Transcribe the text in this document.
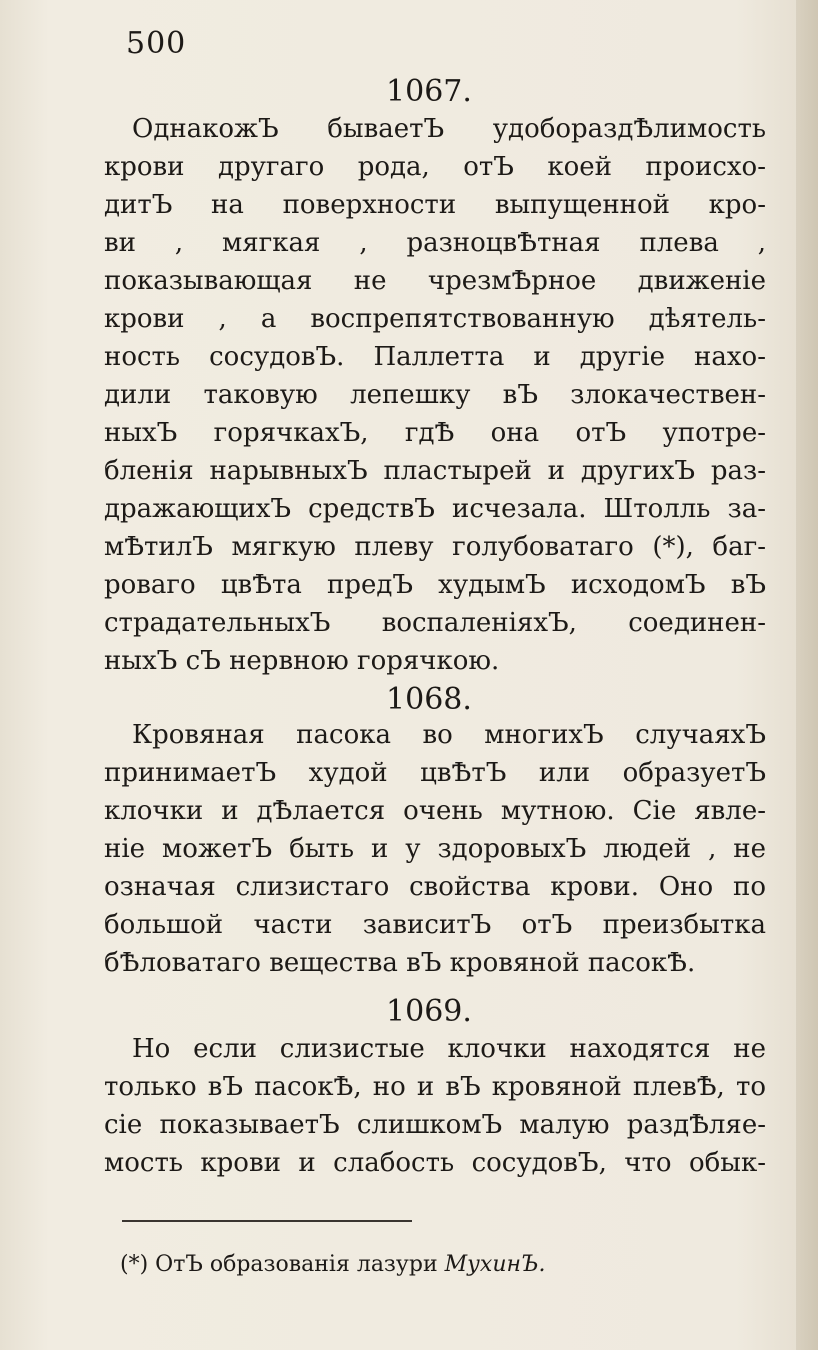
500
1067.
ОднакожЪ бываетЪ удобораздѢлимость
крови другаго рода, отЪ коей происхо-
дитЪ на поверхности выпущенной кро-
ви , мягкая , разноцвѢтная плева ,
показывающая не чрезмѢрное движеніе
крови , а воспрепятствованную дѣятель-
ность сосудовЪ. Паллетта и другіе нахо-
дили таковую лепешку вЪ злокачествен-
ныхЪ горячкахЪ, гдѢ она отЪ употре-
бленія нарывныхЪ пластырей и другихЪ раз-
дражающихЪ средствЪ исчезала. Штолль за-
мѢтилЪ мягкую плеву голубоватаго (*), баг-
роваго цвѢта предЪ худымЪ исходомЪ вЪ
страдательныхЪ воспаленіяхЪ, соединен-
ныхЪ сЪ нервною горячкою.
1068.
Кровяная пасока во многихЪ случаяхЪ
принимаетЪ худой цвѢтЪ или образуетЪ
клочки и дѢлается очень мутною. Сіе явле-
ніе можетЪ быть и у здоровыхЪ людей , не
означая слизистаго свойства крови. Оно по
большой части зависитЪ отЪ преизбытка
бѢловатаго вещества вЪ кровяной пасокѢ.
1069.
Но если слизистые клочки находятся не
только вЪ пасокѢ, но и вЪ кровяной плевѢ, то
сіе показываетЪ слишкомЪ малую раздѢляе-
мость крови и слабость сосудовЪ, что обык-
(*) ОтЪ образованія лазури МухинЪ.
